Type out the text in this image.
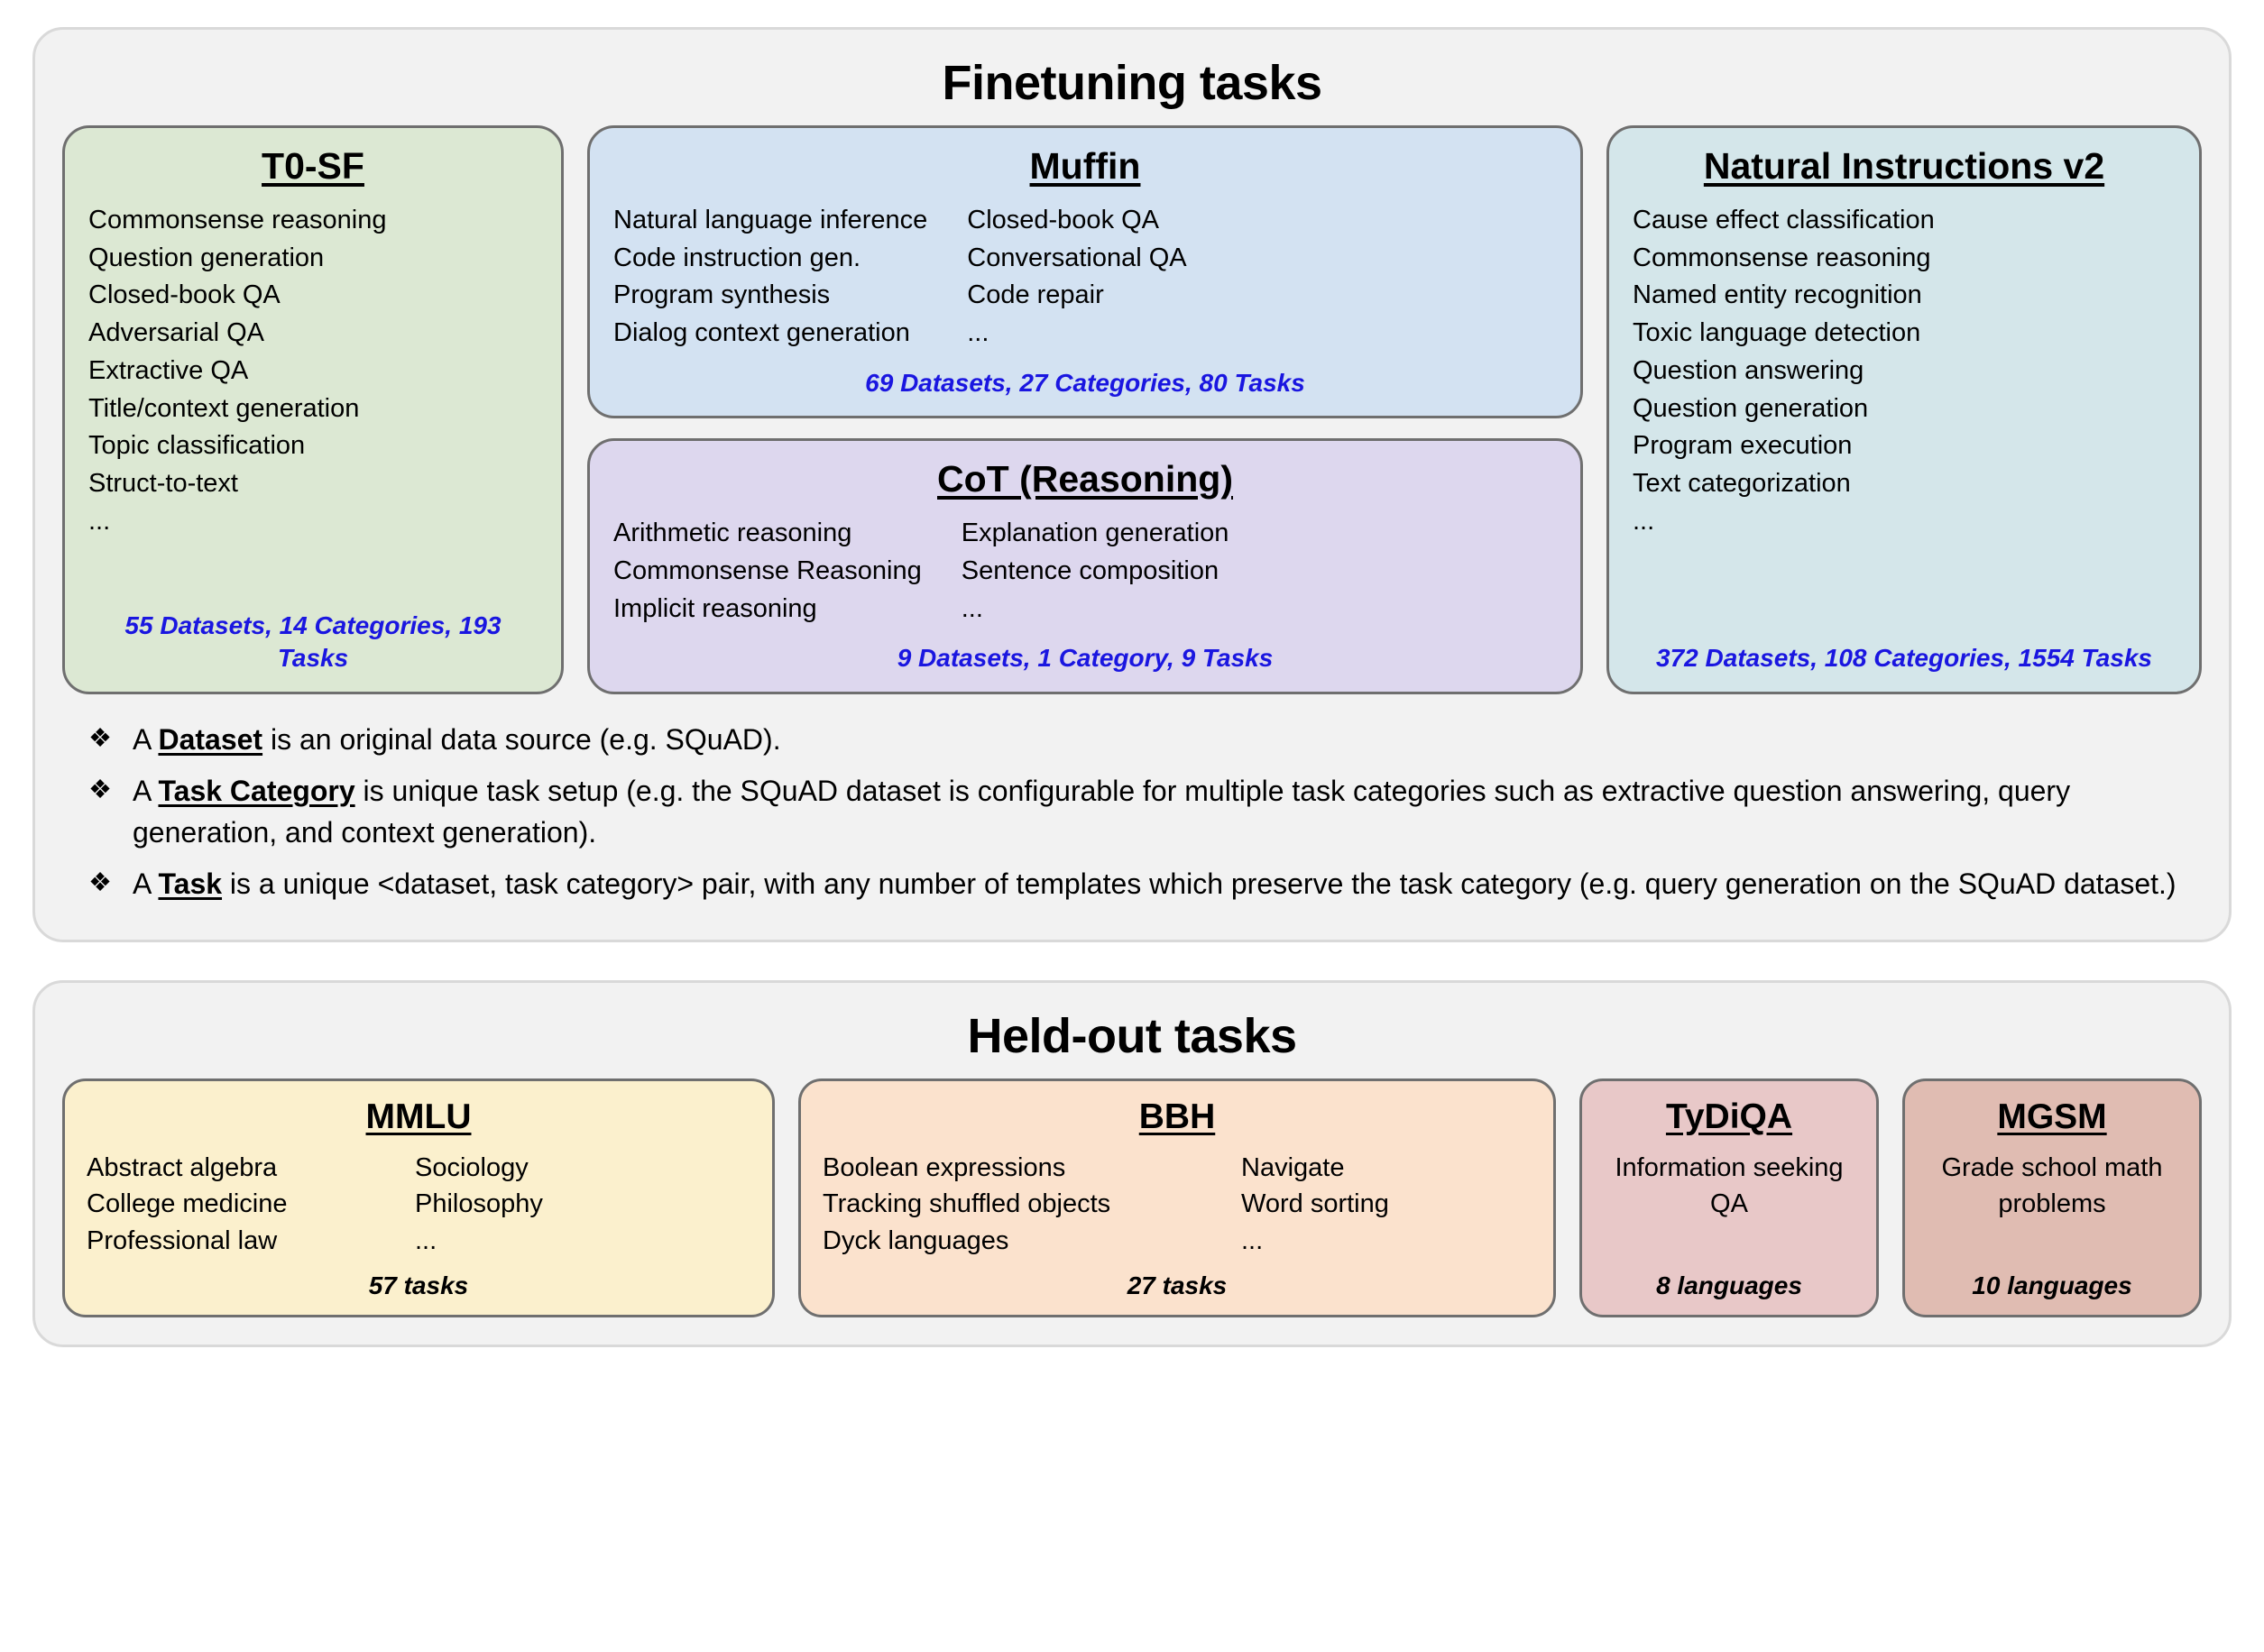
Finetuning tasks
T0-SF
Commonsense reasoning
Question generation
Closed-book QA
Adversarial QA
Extractive QA
Title/context generation
Topic classification
Struct-to-text
...
55 Datasets, 14 Categories, 193 Tasks
Muffin
Natural language inference
Code instruction gen.
Program synthesis
Dialog context generation
Closed-book QA
Conversational QA
Code repair
...
69 Datasets, 27 Categories, 80 Tasks
CoT (Reasoning)
Arithmetic reasoning
Commonsense Reasoning
Implicit reasoning
Explanation generation
Sentence composition
...
9 Datasets, 1 Category, 9 Tasks
Natural Instructions v2
Cause effect classification
Commonsense reasoning
Named entity recognition
Toxic language detection
Question answering
Question generation
Program execution
Text categorization
...
372 Datasets, 108 Categories, 1554 Tasks
❖ A Dataset is an original data source (e.g. SQuAD).
❖ A Task Category is unique task setup (e.g. the SQuAD dataset is configurable for multiple task categories such as extractive question answering, query generation, and context generation).
❖ A Task is a unique <dataset, task category> pair, with any number of templates which preserve the task category (e.g. query generation on the SQuAD dataset.)
Held-out tasks
MMLU
Abstract algebra
College medicine
Professional law
Sociology
Philosophy
...
57 tasks
BBH
Boolean expressions
Tracking shuffled objects
Dyck languages
Navigate
Word sorting
...
27 tasks
TyDiQA
Information seeking QA
8 languages
MGSM
Grade school math problems
10 languages
